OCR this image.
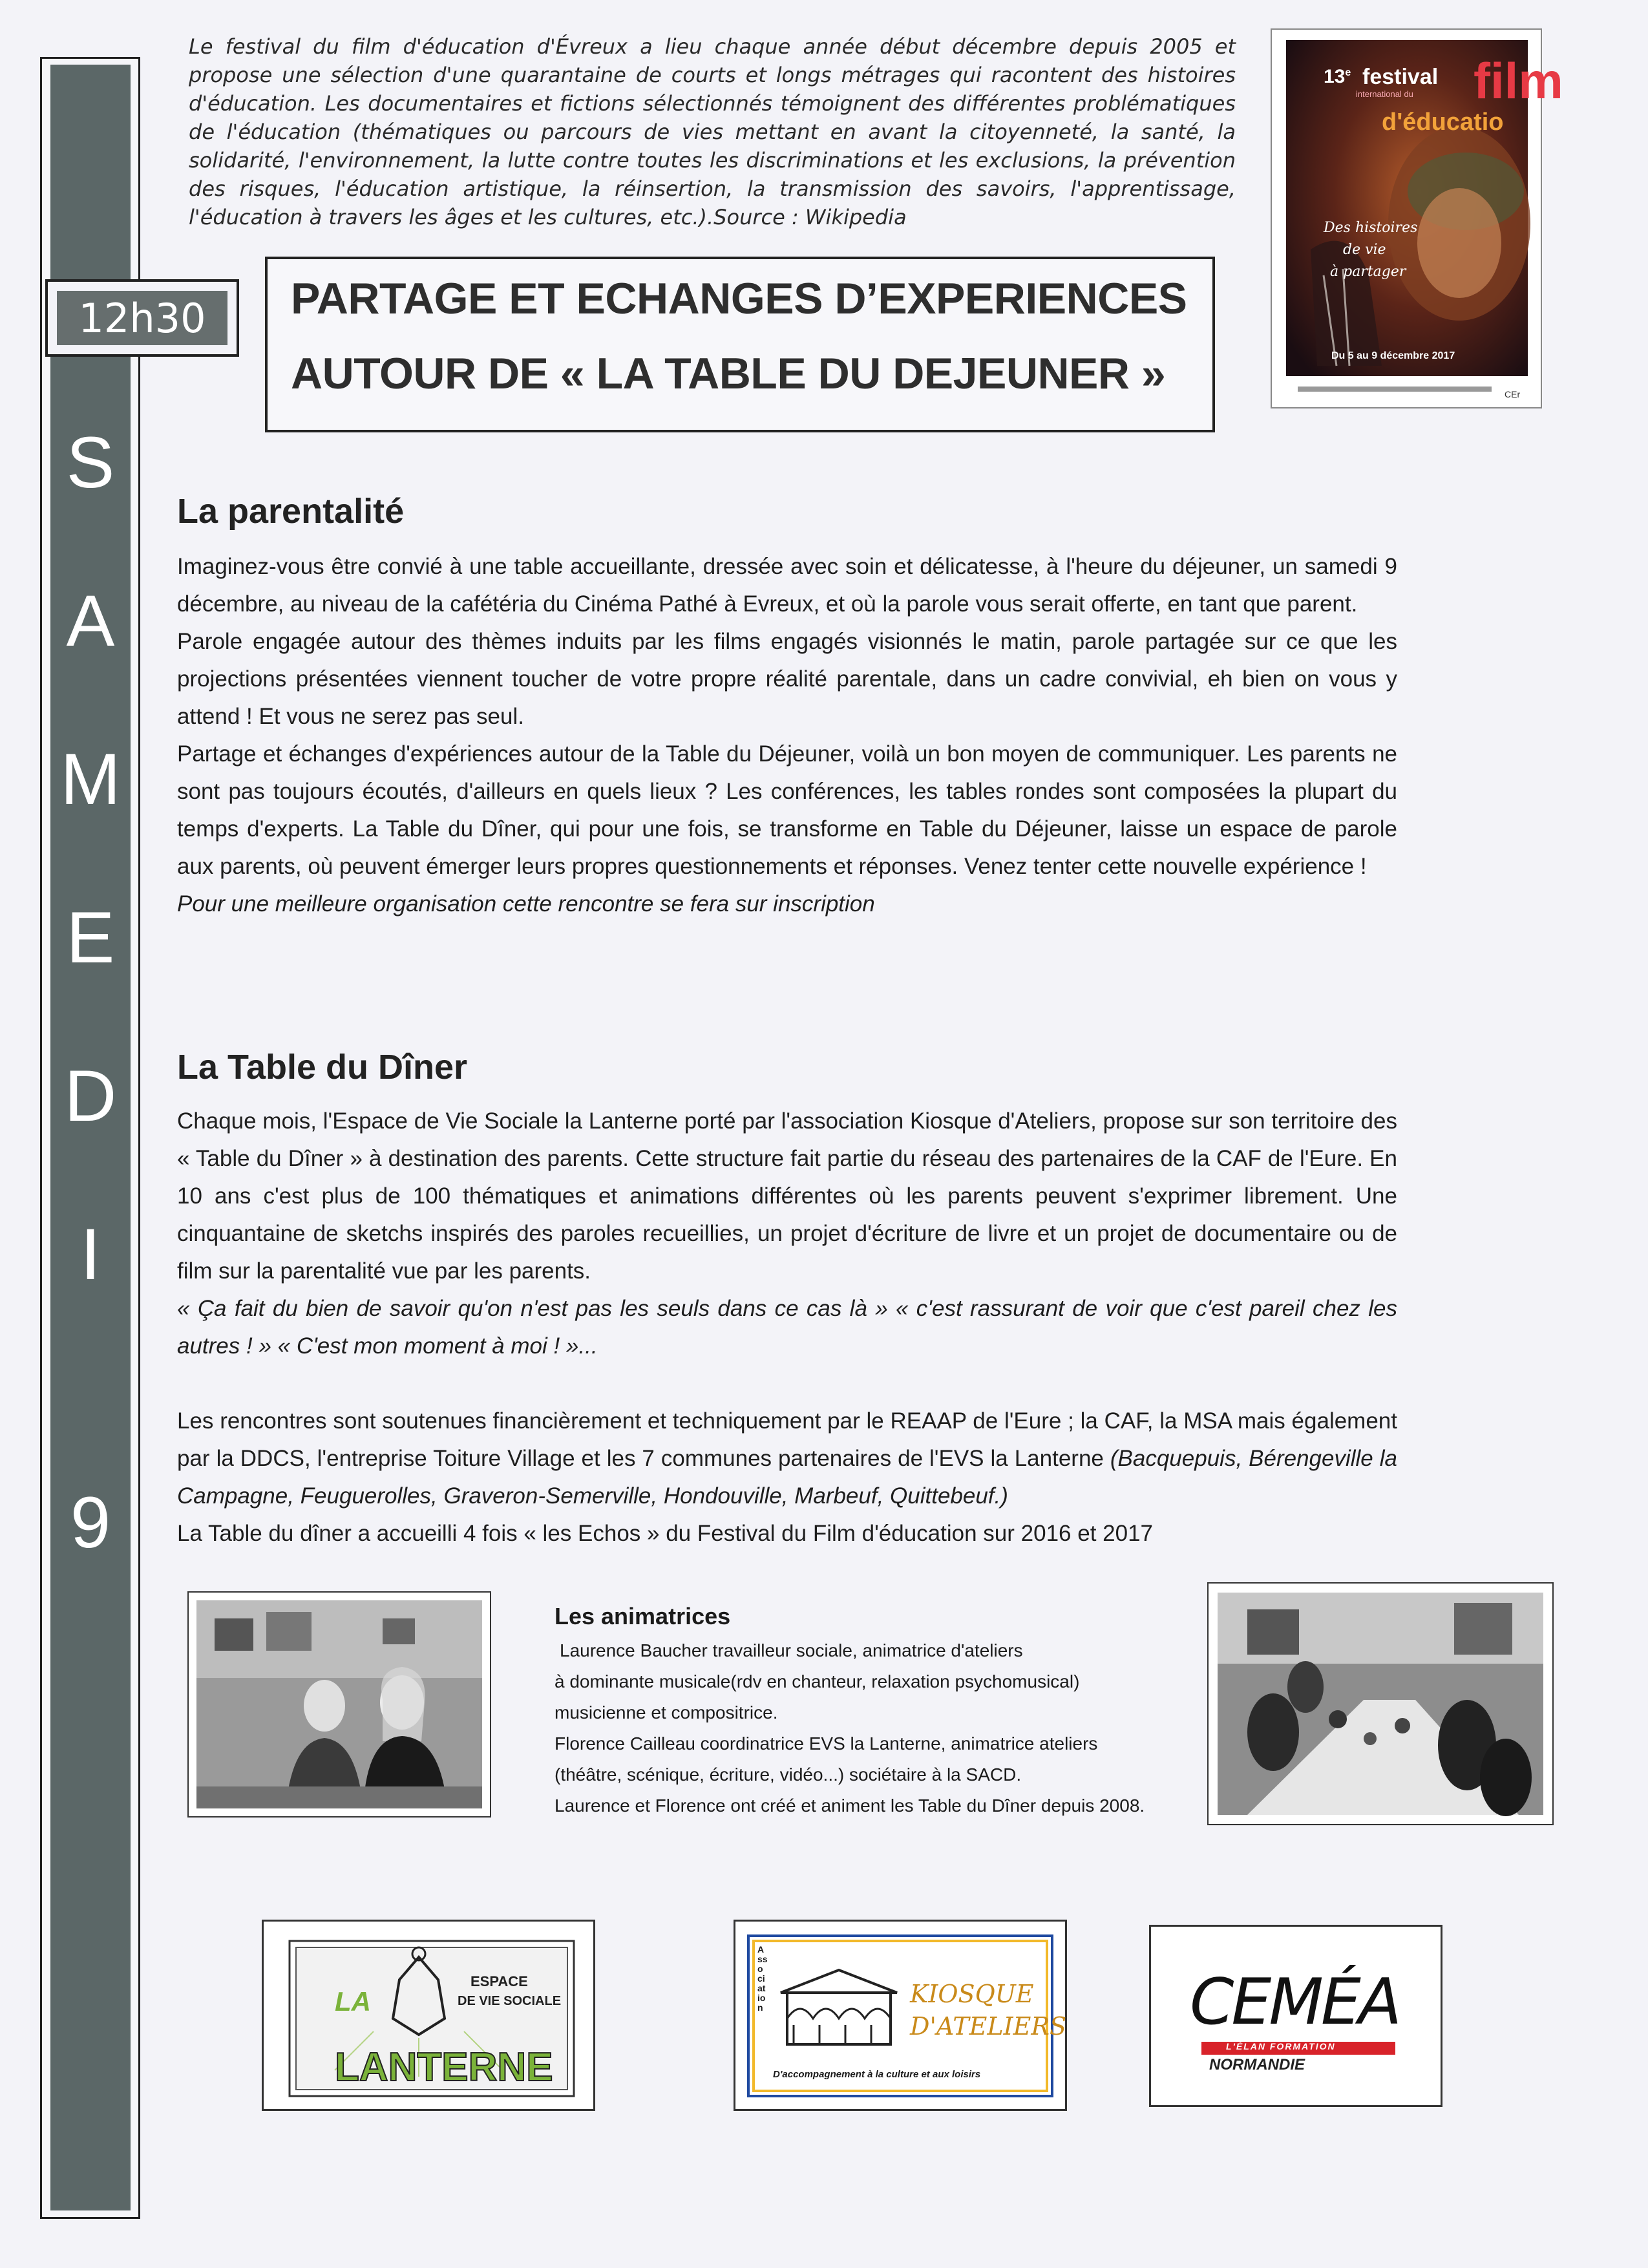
S
A
M
E
D
I
9
12h30
Le festival du film d'éducation d'Évreux a lieu chaque année début décembre depuis 2005 et propose une sélection d'une quarantaine de courts et longs métrages qui racontent des histoires d'éducation. Les documentaires et fictions sélectionnés témoignent des différentes problématiques de l'éducation (thématiques ou parcours de vies mettant en avant la citoyenneté, la santé, la solidarité, l'environnement, la lutte contre toutes les discriminations et les exclusions, la prévention des risques, l'éducation artistique, la réinsertion, la transmission des savoirs, l'apprentissage, l'éducation à travers les âges et les cultures, etc.).Source : Wikipedia
13e festival
international du film
d'éducatio
Des histoires
de vie
à partager
Du 5 au 9 décembre 2017
CEr
PARTAGE ET ECHANGES D’EXPERIENCES
AUTOUR DE « LA TABLE DU DEJEUNER »
La parentalité

Imaginez-vous être convié à une table accueillante, dressée avec soin et délicatesse, à l'heure du déjeuner, un samedi 9 décembre, au niveau de la cafétéria du Cinéma Pathé à Evreux, et où la parole vous serait offerte, en tant que parent.

Parole engagée autour des thèmes induits par les films engagés visionnés le matin, parole partagée sur ce que les projections présentées viennent toucher de votre propre réalité parentale, dans un cadre convivial, eh bien on vous y attend ! Et vous ne serez pas seul.

Partage et échanges d'expériences autour de la Table du Déjeuner, voilà un bon moyen de communiquer. Les parents ne sont pas toujours écoutés, d'ailleurs en quels lieux ? Les conférences, les tables rondes sont composées la plupart du temps d'experts. La Table du Dîner, qui pour une fois, se transforme en Table du Déjeuner, laisse un espace de parole aux parents, où peuvent émerger leurs propres questionnements et réponses. Venez tenter cette nouvelle expérience !

Pour une meilleure organisation cette rencontre se fera sur inscription

La Table du Dîner

Chaque mois, l'Espace de Vie Sociale la Lanterne porté par l'association Kiosque d'Ateliers, propose sur son territoire des « Table du Dîner » à destination des parents. Cette structure fait partie du réseau des partenaires de la CAF de l'Eure. En 10 ans c'est plus de 100 thématiques et animations différentes où les parents peuvent s'exprimer librement. Une cinquantaine de sketchs inspirés des paroles recueillies, un projet d'écriture de livre et un projet de documentaire ou de film sur la parentalité vue par les parents.

« Ça fait du bien de savoir qu'on n'est pas les seuls dans ce cas là » « c'est rassurant de voir que c'est pareil chez les autres ! » « C'est mon moment à moi ! »...

Les rencontres sont soutenues financièrement et techniquement par le REAAP de l'Eure ; la CAF, la MSA mais également par la DDCS, l'entreprise Toiture Village et les 7 communes partenaires de l'EVS la Lanterne (Bacquepuis, Bérengeville la Campagne, Feuguerolles, Graveron-Semerville, Hondouville, Marbeuf, Quittebeuf.)

La Table du dîner a accueilli 4 fois « les Echos » du Festival du Film d'éducation sur 2016 et 2017

Les animatrices
Laurence Baucher travailleur sociale, animatrice d'ateliers
à dominante musicale(rdv en chanteur, relaxation psychomusical)
musicienne et compositrice.
Florence Cailleau coordinatrice EVS la Lanterne, animatrice ateliers
(théâtre, scénique, écriture, vidéo...) sociétaire à la SACD.
Laurence et Florence ont créé et animent les Table du Dîner depuis 2008.
LA
LANTERNE
ESPACE
DE VIE SOCIALE
Association	KIOSQUE
D'ATELIERS
D'accompagnement à la culture et aux loisirs
CEMÉA
L'ÉLAN FORMATION
NORMANDIE
